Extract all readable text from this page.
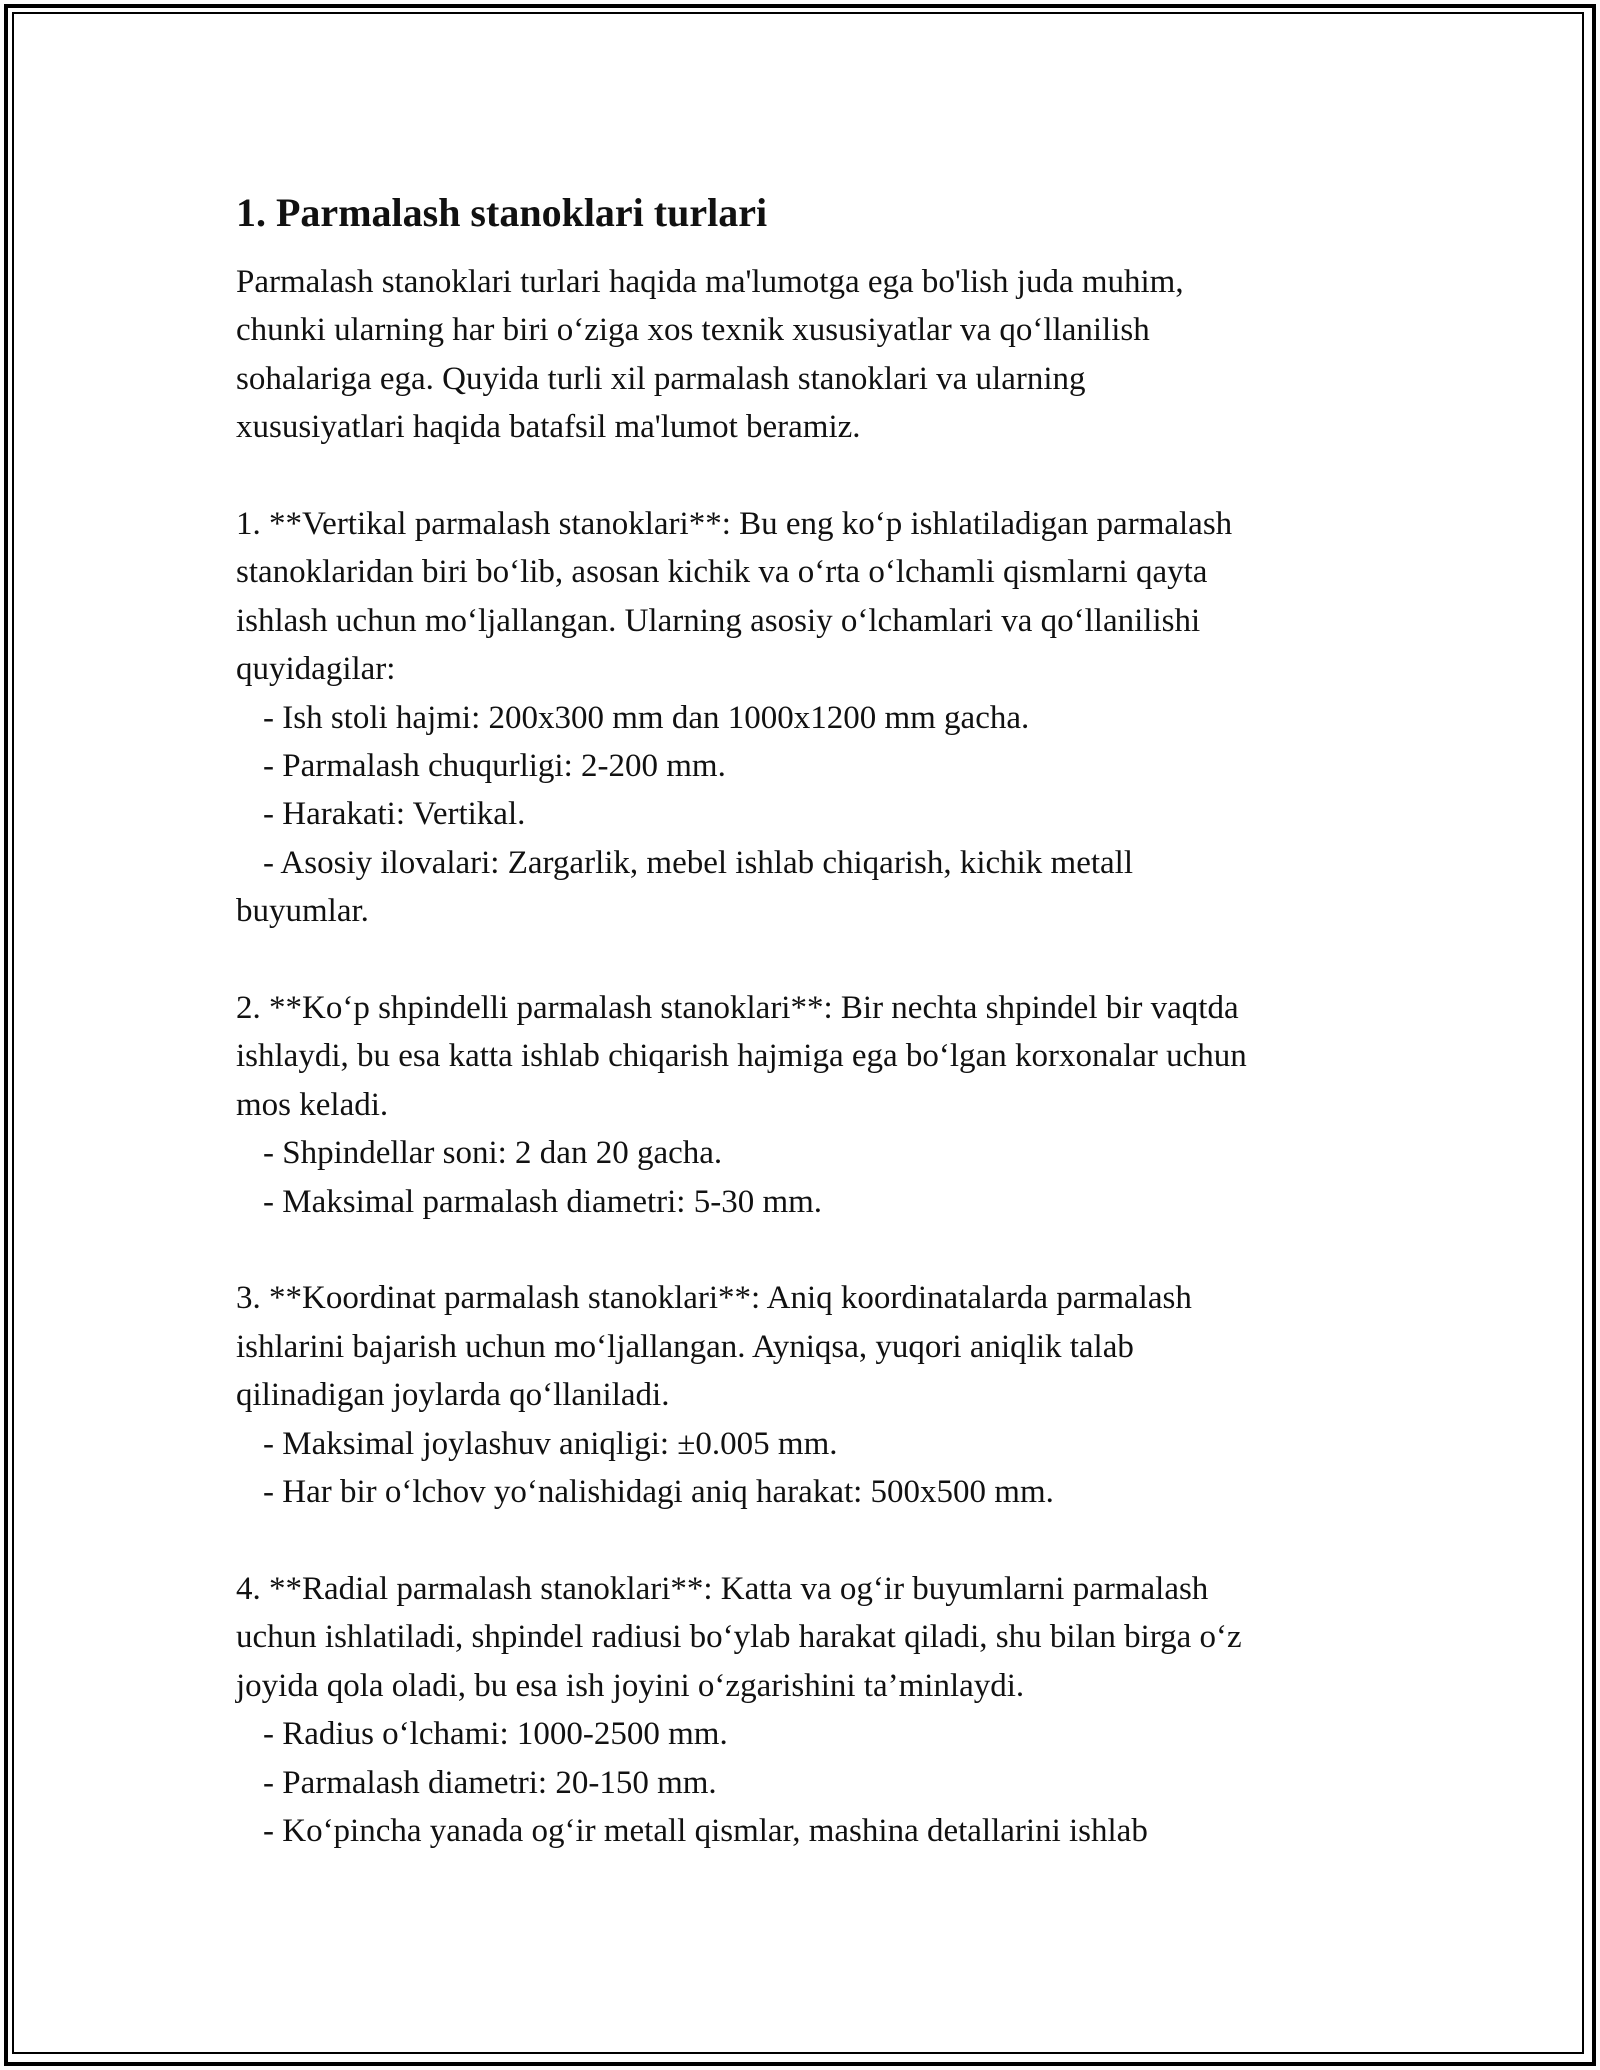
1. Parmalash stanoklari turlari

Parmalash stanoklari turlari haqida ma'lumotga ega bo'lish juda muhim,
chunki ularning har biri o‘ziga xos texnik xususiyatlar va qo‘llanilish
sohalariga ega. Quyida turli xil parmalash stanoklari va ularning
xususiyatlari haqida batafsil ma'lumot beramiz.

1. **Vertikal parmalash stanoklari**: Bu eng ko‘p ishlatiladigan parmalash
stanoklaridan biri bo‘lib, asosan kichik va o‘rta o‘lchamli qismlarni qayta
ishlash uchun mo‘ljallangan. Ularning asosiy o‘lchamlari va qo‘llanilishi
quyidagilar:
- Ish stoli hajmi: 200x300 mm dan 1000x1200 mm gacha.
- Parmalash chuqurligi: 2-200 mm.
- Harakati: Vertikal.
- Asosiy ilovalari: Zargarlik, mebel ishlab chiqarish, kichik metall
buyumlar.

2. **Ko‘p shpindelli parmalash stanoklari**: Bir nechta shpindel bir vaqtda
ishlaydi, bu esa katta ishlab chiqarish hajmiga ega bo‘lgan korxonalar uchun
mos keladi.
- Shpindellar soni: 2 dan 20 gacha.
- Maksimal parmalash diametri: 5-30 mm.

3. **Koordinat parmalash stanoklari**: Aniq koordinatalarda parmalash
ishlarini bajarish uchun mo‘ljallangan. Ayniqsa, yuqori aniqlik talab
qilinadigan joylarda qo‘llaniladi.
- Maksimal joylashuv aniqligi: ±0.005 mm.
- Har bir o‘lchov yo‘nalishidagi aniq harakat: 500x500 mm.

4. **Radial parmalash stanoklari**: Katta va og‘ir buyumlarni parmalash
uchun ishlatiladi, shpindel radiusi bo‘ylab harakat qiladi, shu bilan birga o‘z
joyida qola oladi, bu esa ish joyini o‘zgarishini ta’minlaydi.
- Radius o‘lchami: 1000-2500 mm.
- Parmalash diametri: 20-150 mm.
- Ko‘pincha yanada og‘ir metall qismlar, mashina detallarini ishlab
